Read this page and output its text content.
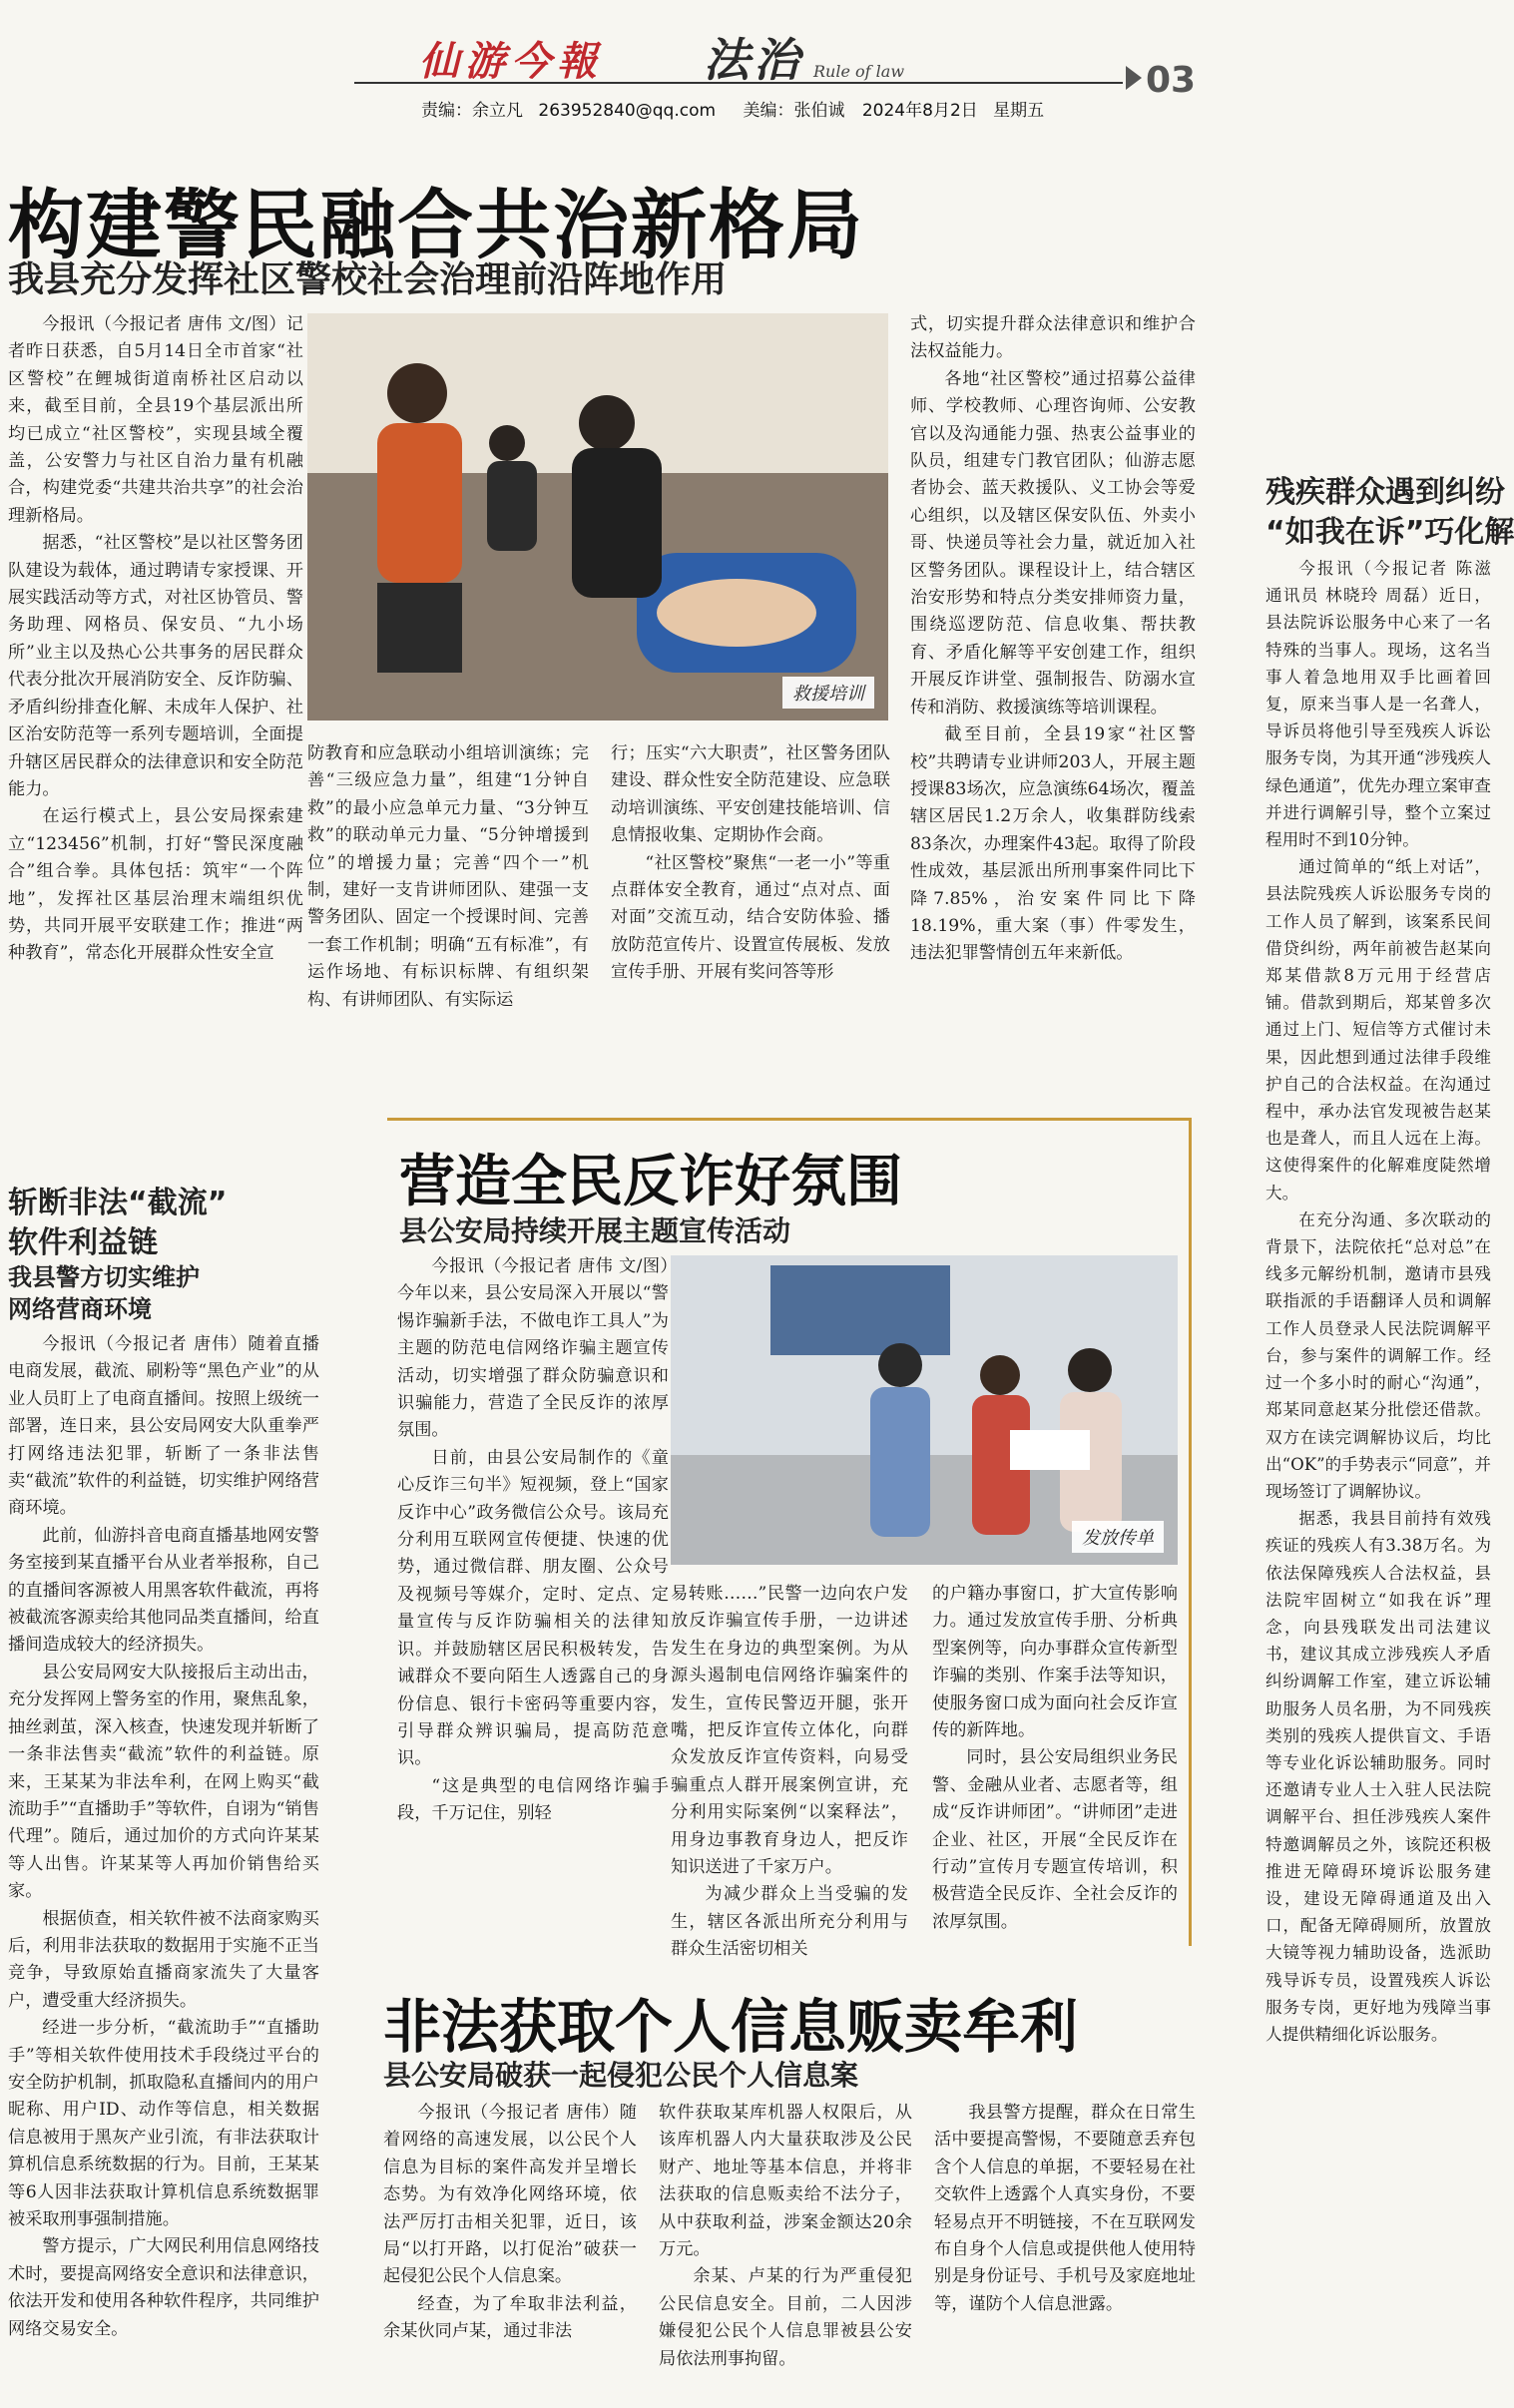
仙游今報 法治 Rule of law	03
责编：余立凡 263952840@qq.com 美编：张伯诚 2024年8月2日 星期五
构建警民融合共治新格局
我县充分发挥社区警校社会治理前沿阵地作用

今报讯（今报记者 唐伟 文/图）记者昨日获悉，自5月14日全市首家“社区警校”在鲤城街道南桥社区启动以来，截至目前，全县19个基层派出所均已成立“社区警校”，实现县域全覆盖，公安警力与社区自治力量有机融合，构建党委“共建共治共享”的社会治理新格局。

据悉，“社区警校”是以社区警务团队建设为载体，通过聘请专家授课、开展实践活动等方式，对社区协管员、警务助理、网格员、保安员、“九小场所”业主以及热心公共事务的居民群众代表分批次开展消防安全、反诈防骗、矛盾纠纷排查化解、未成年人保护、社区治安防范等一系列专题培训，全面提升辖区居民群众的法律意识和安全防范能力。

在运行模式上，县公安局探索建立“123456”机制，打好“警民深度融合”组合拳。具体包括：筑牢“一个阵地”，发挥社区基层治理末端组织优势，共同开展平安联建工作；推进“两种教育”，常态化开展群众性安全宣

救援培训

防教育和应急联动小组培训演练；完善“三级应急力量”，组建“1分钟自救”的最小应急单元力量、“3分钟互救”的联动单元力量、“5分钟增援到位”的增援力量；完善“四个一”机制，建好一支肯讲师团队、建强一支警务团队、固定一个授课时间、完善一套工作机制；明确“五有标准”，有运作场地、有标识标牌、有组织架构、有讲师团队、有实际运

行；压实“六大职责”，社区警务团队建设、群众性安全防范建设、应急联动培训演练、平安创建技能培训、信息情报收集、定期协作会商。

“社区警校”聚焦“一老一小”等重点群体安全教育，通过“点对点、面对面”交流互动，结合安防体验、播放防范宣传片、设置宣传展板、发放宣传手册、开展有奖问答等形

式，切实提升群众法律意识和维护合法权益能力。

各地“社区警校”通过招募公益律师、学校教师、心理咨询师、公安教官以及沟通能力强、热衷公益事业的队员，组建专门教官团队；仙游志愿者协会、蓝天救援队、义工协会等爱心组织，以及辖区保安队伍、外卖小哥、快递员等社会力量，就近加入社区警务团队。课程设计上，结合辖区治安形势和特点分类安排师资力量，围绕巡逻防范、信息收集、帮扶教育、矛盾化解等平安创建工作，组织开展反诈讲堂、强制报告、防溺水宣传和消防、救援演练等培训课程。

截至目前，全县19家“社区警校”共聘请专业讲师203人，开展主题授课83场次，应急演练64场次，覆盖辖区居民1.2万余人，收集群防线索83条次，办理案件43起。取得了阶段性成效，基层派出所刑事案件同比下降7.85%，治安案件同比下降18.19%，重大案（事）件零发生，违法犯罪警情创五年来新低。

残疾群众遇到纠纷
“如我在诉”巧化解

今报讯（今报记者 陈滋 通讯员 林晓玲 周磊）近日，县法院诉讼服务中心来了一名特殊的当事人。现场，这名当事人着急地用双手比画着回复，原来当事人是一名聋人，导诉员将他引导至残疾人诉讼服务专岗，为其开通“涉残疾人绿色通道”，优先办理立案审查并进行调解引导，整个立案过程用时不到10分钟。

通过简单的“纸上对话”，县法院残疾人诉讼服务专岗的工作人员了解到，该案系民间借贷纠纷，两年前被告赵某向郑某借款8万元用于经营店铺。借款到期后，郑某曾多次通过上门、短信等方式催讨未果，因此想到通过法律手段维护自己的合法权益。在沟通过程中，承办法官发现被告赵某也是聋人，而且人远在上海。这使得案件的化解难度陡然增大。

在充分沟通、多次联动的背景下，法院依托“总对总”在线多元解纷机制，邀请市县残联指派的手语翻译人员和调解工作人员登录人民法院调解平台，参与案件的调解工作。经过一个多小时的耐心“沟通”，郑某同意赵某分批偿还借款。双方在读完调解协议后，均比出“OK”的手势表示“同意”，并现场签订了调解协议。

据悉，我县目前持有效残疾证的残疾人有3.38万名。为依法保障残疾人合法权益，县法院牢固树立“如我在诉”理念，向县残联发出司法建议书，建议其成立涉残疾人矛盾纠纷调解工作室，建立诉讼辅助服务人员名册，为不同残疾类别的残疾人提供盲文、手语等专业化诉讼辅助服务。同时还邀请专业人士入驻人民法院调解平台、担任涉残疾人案件特邀调解员之外，该院还积极推进无障碍环境诉讼服务建设，建设无障碍通道及出入口，配备无障碍厕所，放置放大镜等视力辅助设备，选派助残导诉专员，设置残疾人诉讼服务专岗，更好地为残障当事人提供精细化诉讼服务。

斩断非法“截流”
软件利益链
我县警方切实维护
网络营商环境

今报讯（今报记者 唐伟）随着直播电商发展，截流、刷粉等“黑色产业”的从业人员盯上了电商直播间。按照上级统一部署，连日来，县公安局网安大队重拳严打网络违法犯罪，斩断了一条非法售卖“截流”软件的利益链，切实维护网络营商环境。

此前，仙游抖音电商直播基地网安警务室接到某直播平台从业者举报称，自己的直播间客源被人用黑客软件截流，再将被截流客源卖给其他同品类直播间，给直播间造成较大的经济损失。

县公安局网安大队接报后主动出击，充分发挥网上警务室的作用，聚焦乱象，抽丝剥茧，深入核查，快速发现并斩断了一条非法售卖“截流”软件的利益链。原来，王某某为非法牟利，在网上购买“截流助手”“直播助手”等软件，自诩为“销售代理”。随后，通过加价的方式向许某某等人出售。许某某等人再加价销售给买家。

根据侦查，相关软件被不法商家购买后，利用非法获取的数据用于实施不正当竞争，导致原始直播商家流失了大量客户，遭受重大经济损失。

经进一步分析，“截流助手”“直播助手”等相关软件使用技术手段绕过平台的安全防护机制，抓取隐私直播间内的用户昵称、用户ID、动作等信息，相关数据信息被用于黑灰产业引流，有非法获取计算机信息系统数据的行为。目前，王某某等6人因非法获取计算机信息系统数据罪被采取刑事强制措施。

警方提示，广大网民利用信息网络技术时，要提高网络安全意识和法律意识，依法开发和使用各种软件程序，共同维护网络交易安全。

营造全民反诈好氛围
县公安局持续开展主题宣传活动

今报讯（今报记者 唐伟 文/图）今年以来，县公安局深入开展以“警惕诈骗新手法，不做电诈工具人”为主题的防范电信网络诈骗主题宣传活动，切实增强了群众防骗意识和识骗能力，营造了全民反诈的浓厚氛围。

日前，由县公安局制作的《童心反诈三句半》短视频，登上“国家反诈中心”政务微信公众号。该局充分利用互联网宣传便捷、快速的优势，通过微信群、朋友圈、公众号及视频号等媒介，定时、定点、定量宣传与反诈防骗相关的法律知识。并鼓励辖区居民积极转发，告诫群众不要向陌生人透露自己的身份信息、银行卡密码等重要内容，引导群众辨识骗局，提高防范意识。

“这是典型的电信网络诈骗手段，千万记住，别轻

发放传单

易转账……”民警一边向农户发放反诈骗宣传手册，一边讲述发生在身边的典型案例。为从源头遏制电信网络诈骗案件的发生，宣传民警迈开腿，张开嘴，把反诈宣传立体化，向群众发放反诈宣传资料，向易受骗重点人群开展案例宣讲，充分利用实际案例“以案释法”，用身边事教育身边人，把反诈知识送进了千家万户。

为减少群众上当受骗的发生，辖区各派出所充分利用与群众生活密切相关

的户籍办事窗口，扩大宣传影响力。通过发放宣传手册、分析典型案例等，向办事群众宣传新型诈骗的类别、作案手法等知识，使服务窗口成为面向社会反诈宣传的新阵地。

同时，县公安局组织业务民警、金融从业者、志愿者等，组成“反诈讲师团”。“讲师团”走进企业、社区，开展“全民反诈在行动”宣传月专题宣传培训，积极营造全民反诈、全社会反诈的浓厚氛围。

非法获取个人信息贩卖牟利
县公安局破获一起侵犯公民个人信息案

今报讯（今报记者 唐伟）随着网络的高速发展，以公民个人信息为目标的案件高发并呈增长态势。为有效净化网络环境，依法严厉打击相关犯罪，近日，该局“以打开路，以打促治”破获一起侵犯公民个人信息案。

经查，为了牟取非法利益，余某伙同卢某，通过非法

软件获取某库机器人权限后，从该库机器人内大量获取涉及公民财产、地址等基本信息，并将非法获取的信息贩卖给不法分子，从中获取利益，涉案金额达20余万元。

余某、卢某的行为严重侵犯公民信息安全。目前，二人因涉嫌侵犯公民个人信息罪被县公安局依法刑事拘留。

我县警方提醒，群众在日常生活中要提高警惕，不要随意丢弃包含个人信息的单据，不要轻易在社交软件上透露个人真实身份，不要轻易点开不明链接，不在互联网发布自身个人信息或提供他人使用特别是身份证号、手机号及家庭地址等，谨防个人信息泄露。
